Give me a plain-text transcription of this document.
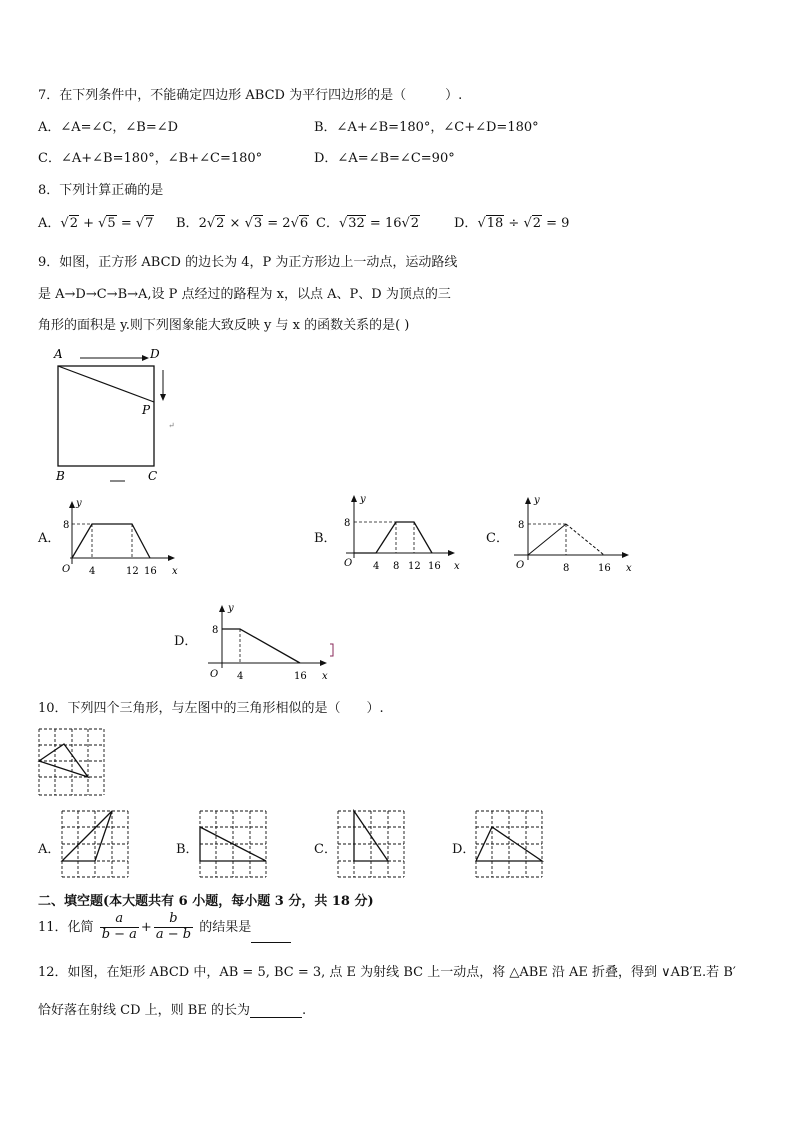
7．在下列条件中，不能确定四边形 ABCD 为平行四边形的是（　　　）.
A．∠A=∠C，∠B=∠D	B．∠A+∠B=180°，∠C+∠D=180°
C．∠A+∠B=180°，∠B+∠C=180°	D．∠A=∠B=∠C=90°
8．下列计算正确的是
A．√2 + √5 = √7 B．2√2 × √3 = 2√6 C．√32 = 16√2	D．√18 ÷ √2 = 9
9．如图，正方形 ABCD 的边长为 4，P 为正方形边上一动点，运动路线
是 A→D→C→B→A,设 P 点经过的路程为 x，以点 A、P、D 为顶点的三
角形的面积是 y.则下列图象能大致反映 y 与 x 的函数关系的是( )
A	D
P
B	C
↵
A．
y
8
O 4	12 16 x
B．
y
8
O 4 8 12 16 x
C．
y
8
O	8	16 x
D．
y
8
O 4	16 x
10．下列四个三角形，与左图中的三角形相似的是（　　）.
A．	B．	C．	D．
二、填空题(本大题共有 6 小题，每小题 3 分，共 18 分)
11．化简 $\frac{a}{b - a} + \frac{b}{a - b}$ 的结果是
12．如图，在矩形 ABCD 中，AB = 5, BC = 3, 点 E 为射线 BC 上一动点，将 △ABE 沿 AE 折叠，得到 ∨AB′E.若 B′
恰好落在射线 CD 上，则 BE 的长为	.
